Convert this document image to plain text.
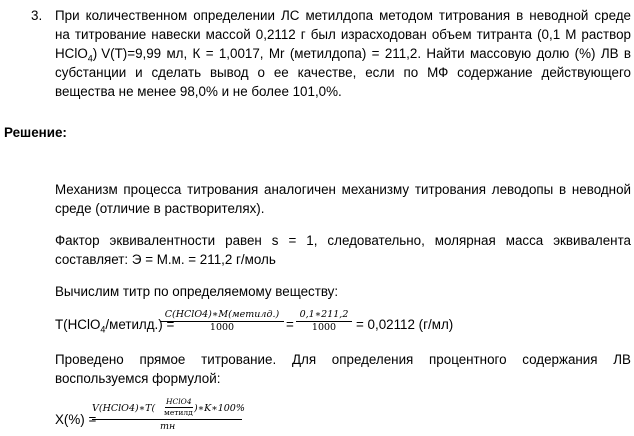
3. При количественном определении ЛС метилдопа методом титрования в неводной среде
на титрование навески массой 0,2112 г был израсходован объем титранта (0,1 М раствор
HClO$_4$) V(T)=9,99 мл, К = 1,0017, Мr (метилдопа) = 211,2. Найти массовую долю (%) ЛВ в
субстанции и сделать вывод о ее качестве, если по МФ содержание действующего
вещества не менее 98,0% и не более 101,0%.
Решение:
Механизм процесса титрования аналогичен механизму титрования леводопы в неводной
среде (отличие в растворителях).
Фактор эквивалентности равен s = 1, следовательно, молярная масса эквивалента
составляет: Э = М.м. = 211,2 г/моль
Вычислим титр по определяемому веществу:
T(HClO$_4$/метилд.) =
C(HClO4)∗M(метилд.)
1000	=
0,1∗211,2
1000 = 0,02112 (г/мл)
Проведено прямое титрование. Для определения процентного содержания ЛВ
воспользуемся формулой:
X(%) =
V(HClO4)∗T(
HClO4
метилд )∗K∗100%
mн
